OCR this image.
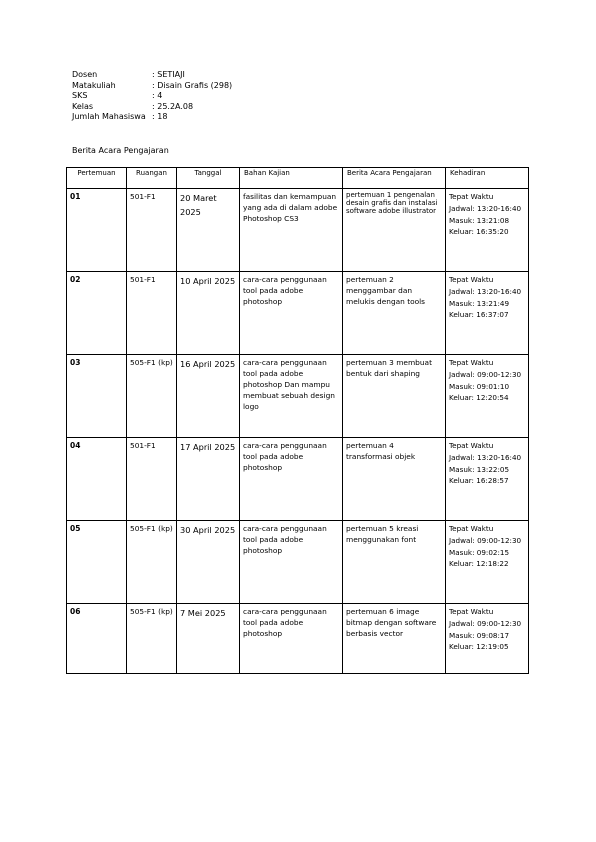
Dosen	: SETIAJI
Matakuliah	: Disain Grafis (298)
SKS	: 4
Kelas	: 25.2A.08
Jumlah Mahasiswa : 18
Berita Acara Pengajaran
Pertemuan	Ruangan	Tanggal	Bahan Kajian	Berita Acara Pengajaran	Kehadiran
01	501-F1	20 Maret 2025	fasilitas dan kemampuan yang ada di dalam adobe Photoshop CS3	pertemuan 1 pengenalan desain grafis dan instalasi software adobe illustrator	Tepat Waktu
Jadwal: 13:20-16:40
Masuk: 13:21:08
Keluar: 16:35:20

02	501-F1	10 April 2025	cara-cara penggunaan tool pada adobe photoshop	pertemuan 2 menggambar dan melukis dengan tools	Tepat Waktu
Jadwal: 13:20-16:40
Masuk: 13:21:49
Keluar: 16:37:07

03	505-F1 (kp)	16 April 2025	cara-cara penggunaan tool pada adobe photoshop Dan mampu membuat sebuah design logo	pertemuan 3 membuat bentuk dari shaping	Tepat Waktu
Jadwal: 09:00-12:30
Masuk: 09:01:10
Keluar: 12:20:54

04	501-F1	17 April 2025	cara-cara penggunaan tool pada adobe photoshop	pertemuan 4 transformasi objek	Tepat Waktu
Jadwal: 13:20-16:40
Masuk: 13:22:05
Keluar: 16:28:57

05	505-F1 (kp)	30 April 2025	cara-cara penggunaan tool pada adobe photoshop	pertemuan 5 kreasi menggunakan font	Tepat Waktu
Jadwal: 09:00-12:30
Masuk: 09:02:15
Keluar: 12:18:22

06	505-F1 (kp)	7 Mei 2025	cara-cara penggunaan tool pada adobe photoshop	pertemuan 6 image bitmap dengan software berbasis vector	Tepat Waktu
Jadwal: 09:00-12:30
Masuk: 09:08:17
Keluar: 12:19:05
